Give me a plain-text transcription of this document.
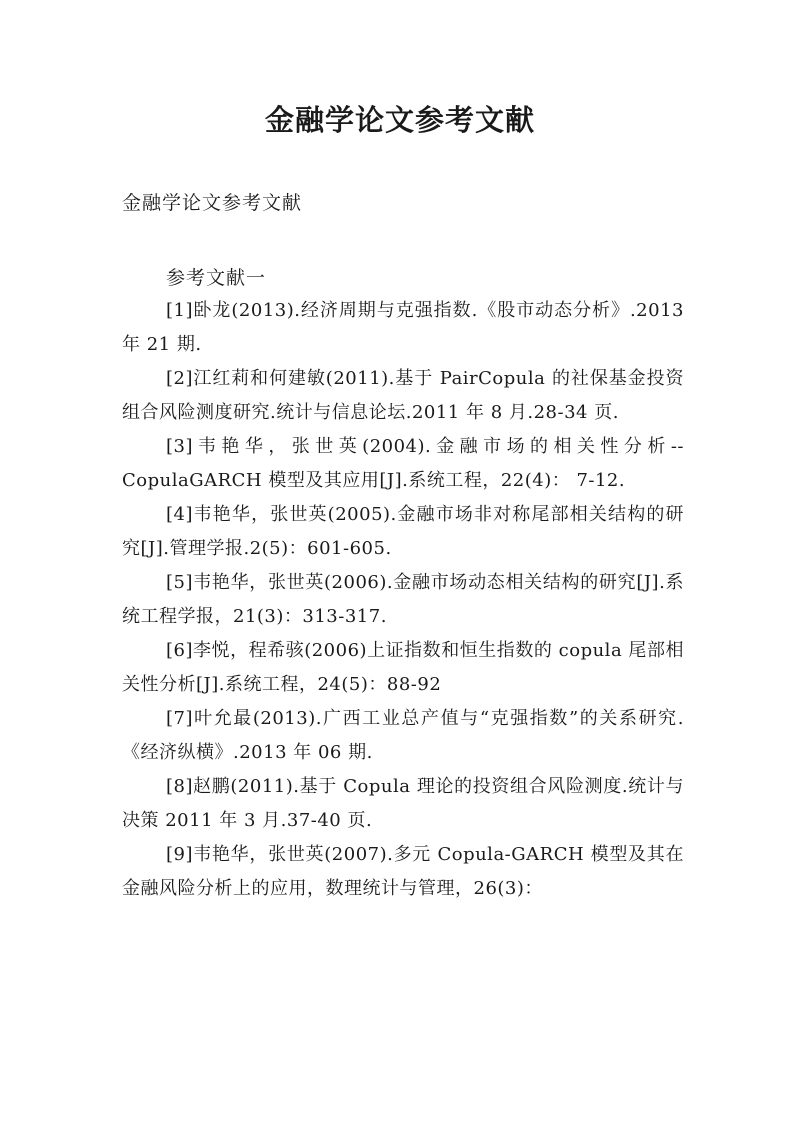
金融学论文参考文献

金融学论文参考文献

参考文献一

[1]卧龙(2013).经济周期与克强指数.《股市动态分析》.2013 年 21 期.
[2]江红莉和何建敏(2011).基于 PairCopula 的社保基金投资组合风险测度研究.统计与信息论坛.2011 年 8 月.28-34 页.
[3]韦艳华，张世英(2004).金融市场的相关性分析--CopulaGARCH 模型及其应用[J].系统工程，22(4)： 7-12.
[4]韦艳华，张世英(2005).金融市场非对称尾部相关结构的研究[J].管理学报.2(5)：601-605.
[5]韦艳华，张世英(2006).金融市场动态相关结构的研究[J].系统工程学报，21(3)：313-317.
[6]李悦，程希骇(2006)上证指数和恒生指数的 copula 尾部相关性分析[J].系统工程，24(5)：88-92
[7]叶允最(2013).广西工业总产值与“克强指数”的关系研究.《经济纵横》.2013 年 06 期.
[8]赵鹏(2011).基于 Copula 理论的投资组合风险测度.统计与决策 2011 年 3 月.37-40 页.
[9]韦艳华，张世英(2007).多元 Copula-GARCH 模型及其在金融风险分析上的应用，数理统计与管理，26(3)：
